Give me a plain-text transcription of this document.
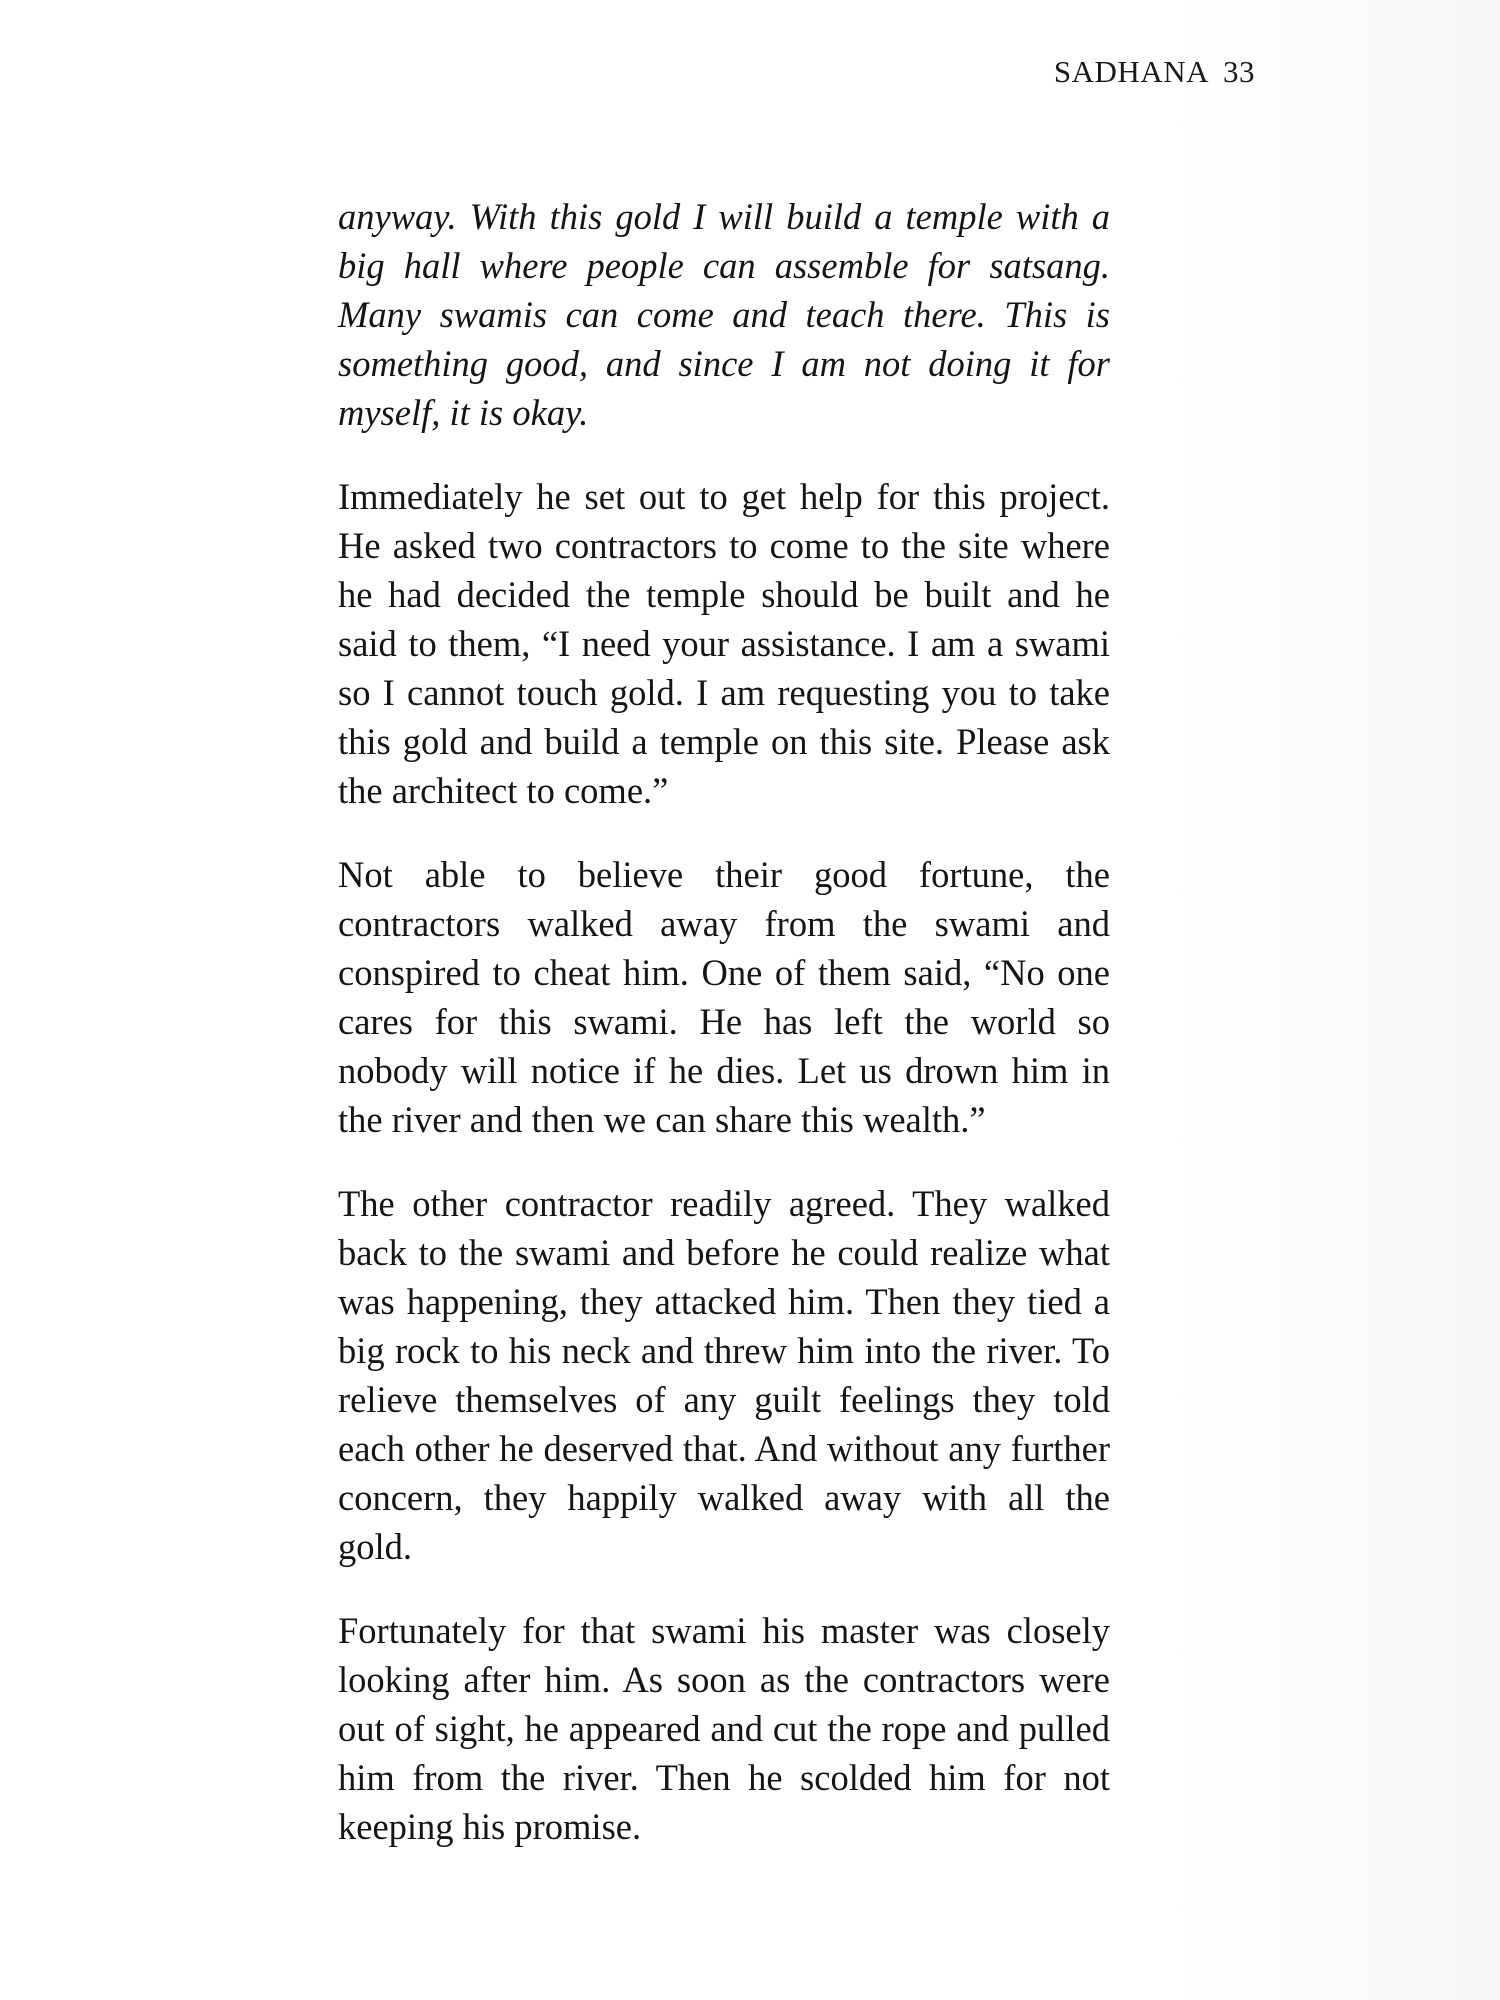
SADHANA 33

anyway. With this gold I will build a temple with a big hall where people can assemble for satsang. Many swamis can come and teach there. This is something good, and since I am not doing it for myself, it is okay.

Immediately he set out to get help for this project. He asked two contractors to come to the site where he had decided the temple should be built and he said to them, “I need your assistance. I am a swami so I cannot touch gold. I am requesting you to take this gold and build a temple on this site. Please ask the architect to come.”

Not able to believe their good fortune, the contractors walked away from the swami and conspired to cheat him. One of them said, “No one cares for this swami. He has left the world so nobody will notice if he dies. Let us drown him in the river and then we can share this wealth.”

The other contractor readily agreed. They walked back to the swami and before he could realize what was happening, they attacked him. Then they tied a big rock to his neck and threw him into the river. To relieve themselves of any guilt feelings they told each other he deserved that. And without any further concern, they happily walked away with all the gold.

Fortunately for that swami his master was closely looking after him. As soon as the contractors were out of sight, he appeared and cut the rope and pulled him from the river. Then he scolded him for not keeping his promise.
